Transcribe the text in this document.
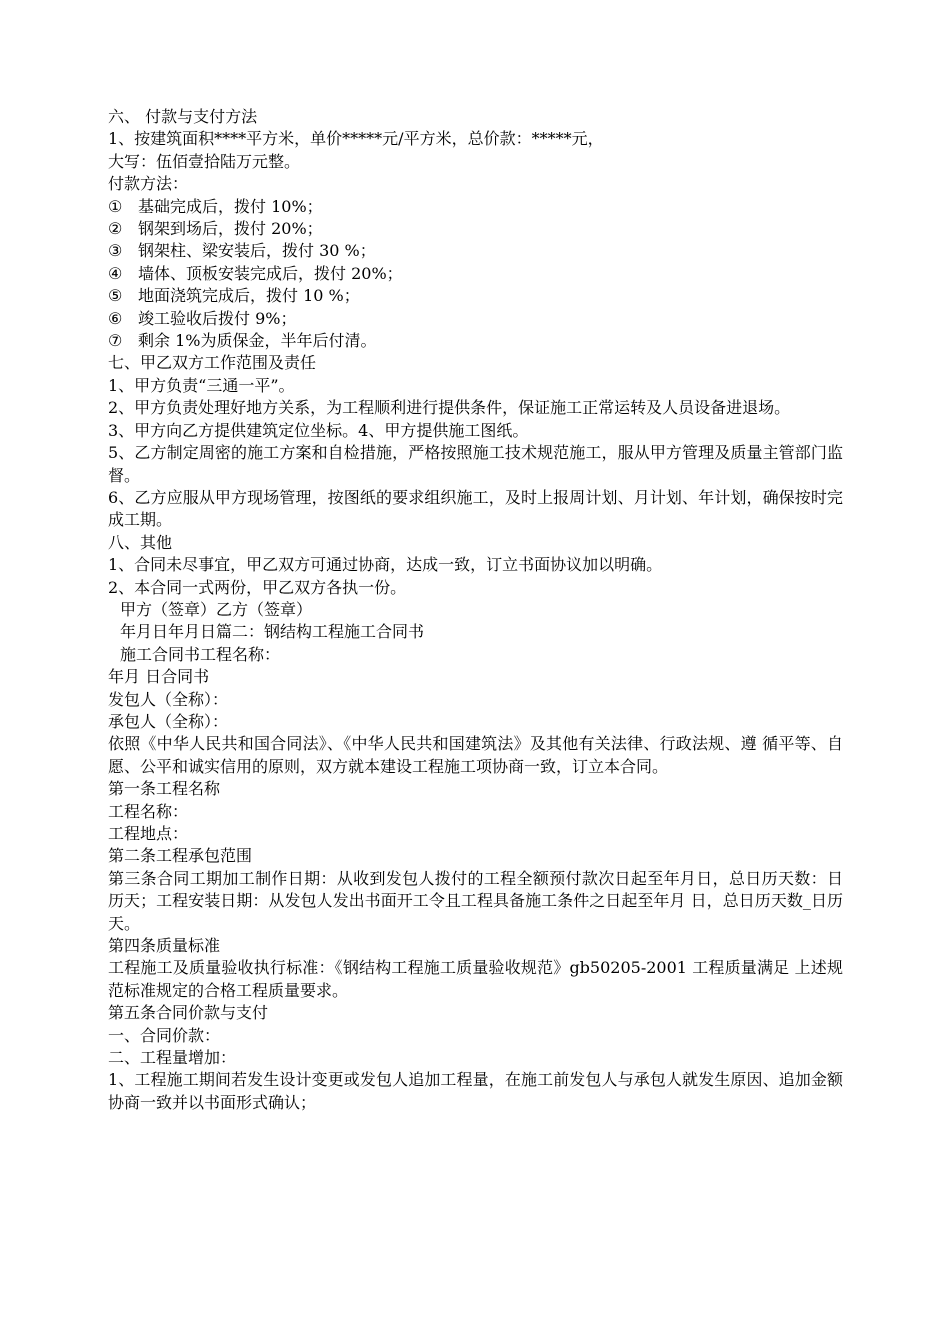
六、 付款与支付方法

1、按建筑面积****平方米，单价*****元/平方米，总价款：*****元，

大写：伍佰壹拾陆万元整。

付款方法：

① 基础完成后，拨付 10%；

② 钢架到场后，拨付 20%；

③ 钢架柱、梁安装后，拨付 30 %；

④ 墙体、顶板安装完成后，拨付 20%；

⑤ 地面浇筑完成后，拨付 10 %；

⑥ 竣工验收后拨付 9%；

⑦ 剩余 1%为质保金，半年后付清。

七、甲乙双方工作范围及责任

1、甲方负责“三通一平”。

2、甲方负责处理好地方关系，为工程顺利进行提供条件，保证施工正常运转及人员设备进退场。

3、甲方向乙方提供建筑定位坐标。4、甲方提供施工图纸。

5、乙方制定周密的施工方案和自检措施，严格按照施工技术规范施工，服从甲方管理及质量主管部门监督。

6、乙方应服从甲方现场管理，按图纸的要求组织施工，及时上报周计划、月计划、年计划，确保按时完成工期。

八、其他

1、合同未尽事宜，甲乙双方可通过协商，达成一致，订立书面协议加以明确。

2、本合同一式两份，甲乙双方各执一份。

甲方（签章）乙方（签章）

年月日年月日篇二：钢结构工程施工合同书

施工合同书工程名称：

年月 日合同书

发包人（全称）：

承包人（全称）：

依照《中华人民共和国合同法》、《中华人民共和国建筑法》及其他有关法律、行政法规、遵 循平等、自愿、公平和诚实信用的原则，双方就本建设工程施工项协商一致，订立本合同。

第一条工程名称

工程名称：

工程地点：

第二条工程承包范围

第三条合同工期加工制作日期：从收到发包人拨付的工程全额预付款次日起至年月日，总日历天数：日历天；工程安装日期：从发包人发出书面开工令且工程具备施工条件之日起至年月 日，总日历天数_日历天。

第四条质量标准

工程施工及质量验收执行标准：《钢结构工程施工质量验收规范》gb50205-2001 工程质量满足 上述规范标准规定的合格工程质量要求。

第五条合同价款与支付

一、合同价款：

二、工程量增加：

1、工程施工期间若发生设计变更或发包人追加工程量，在施工前发包人与承包人就发生原因、追加金额协商一致并以书面形式确认；
